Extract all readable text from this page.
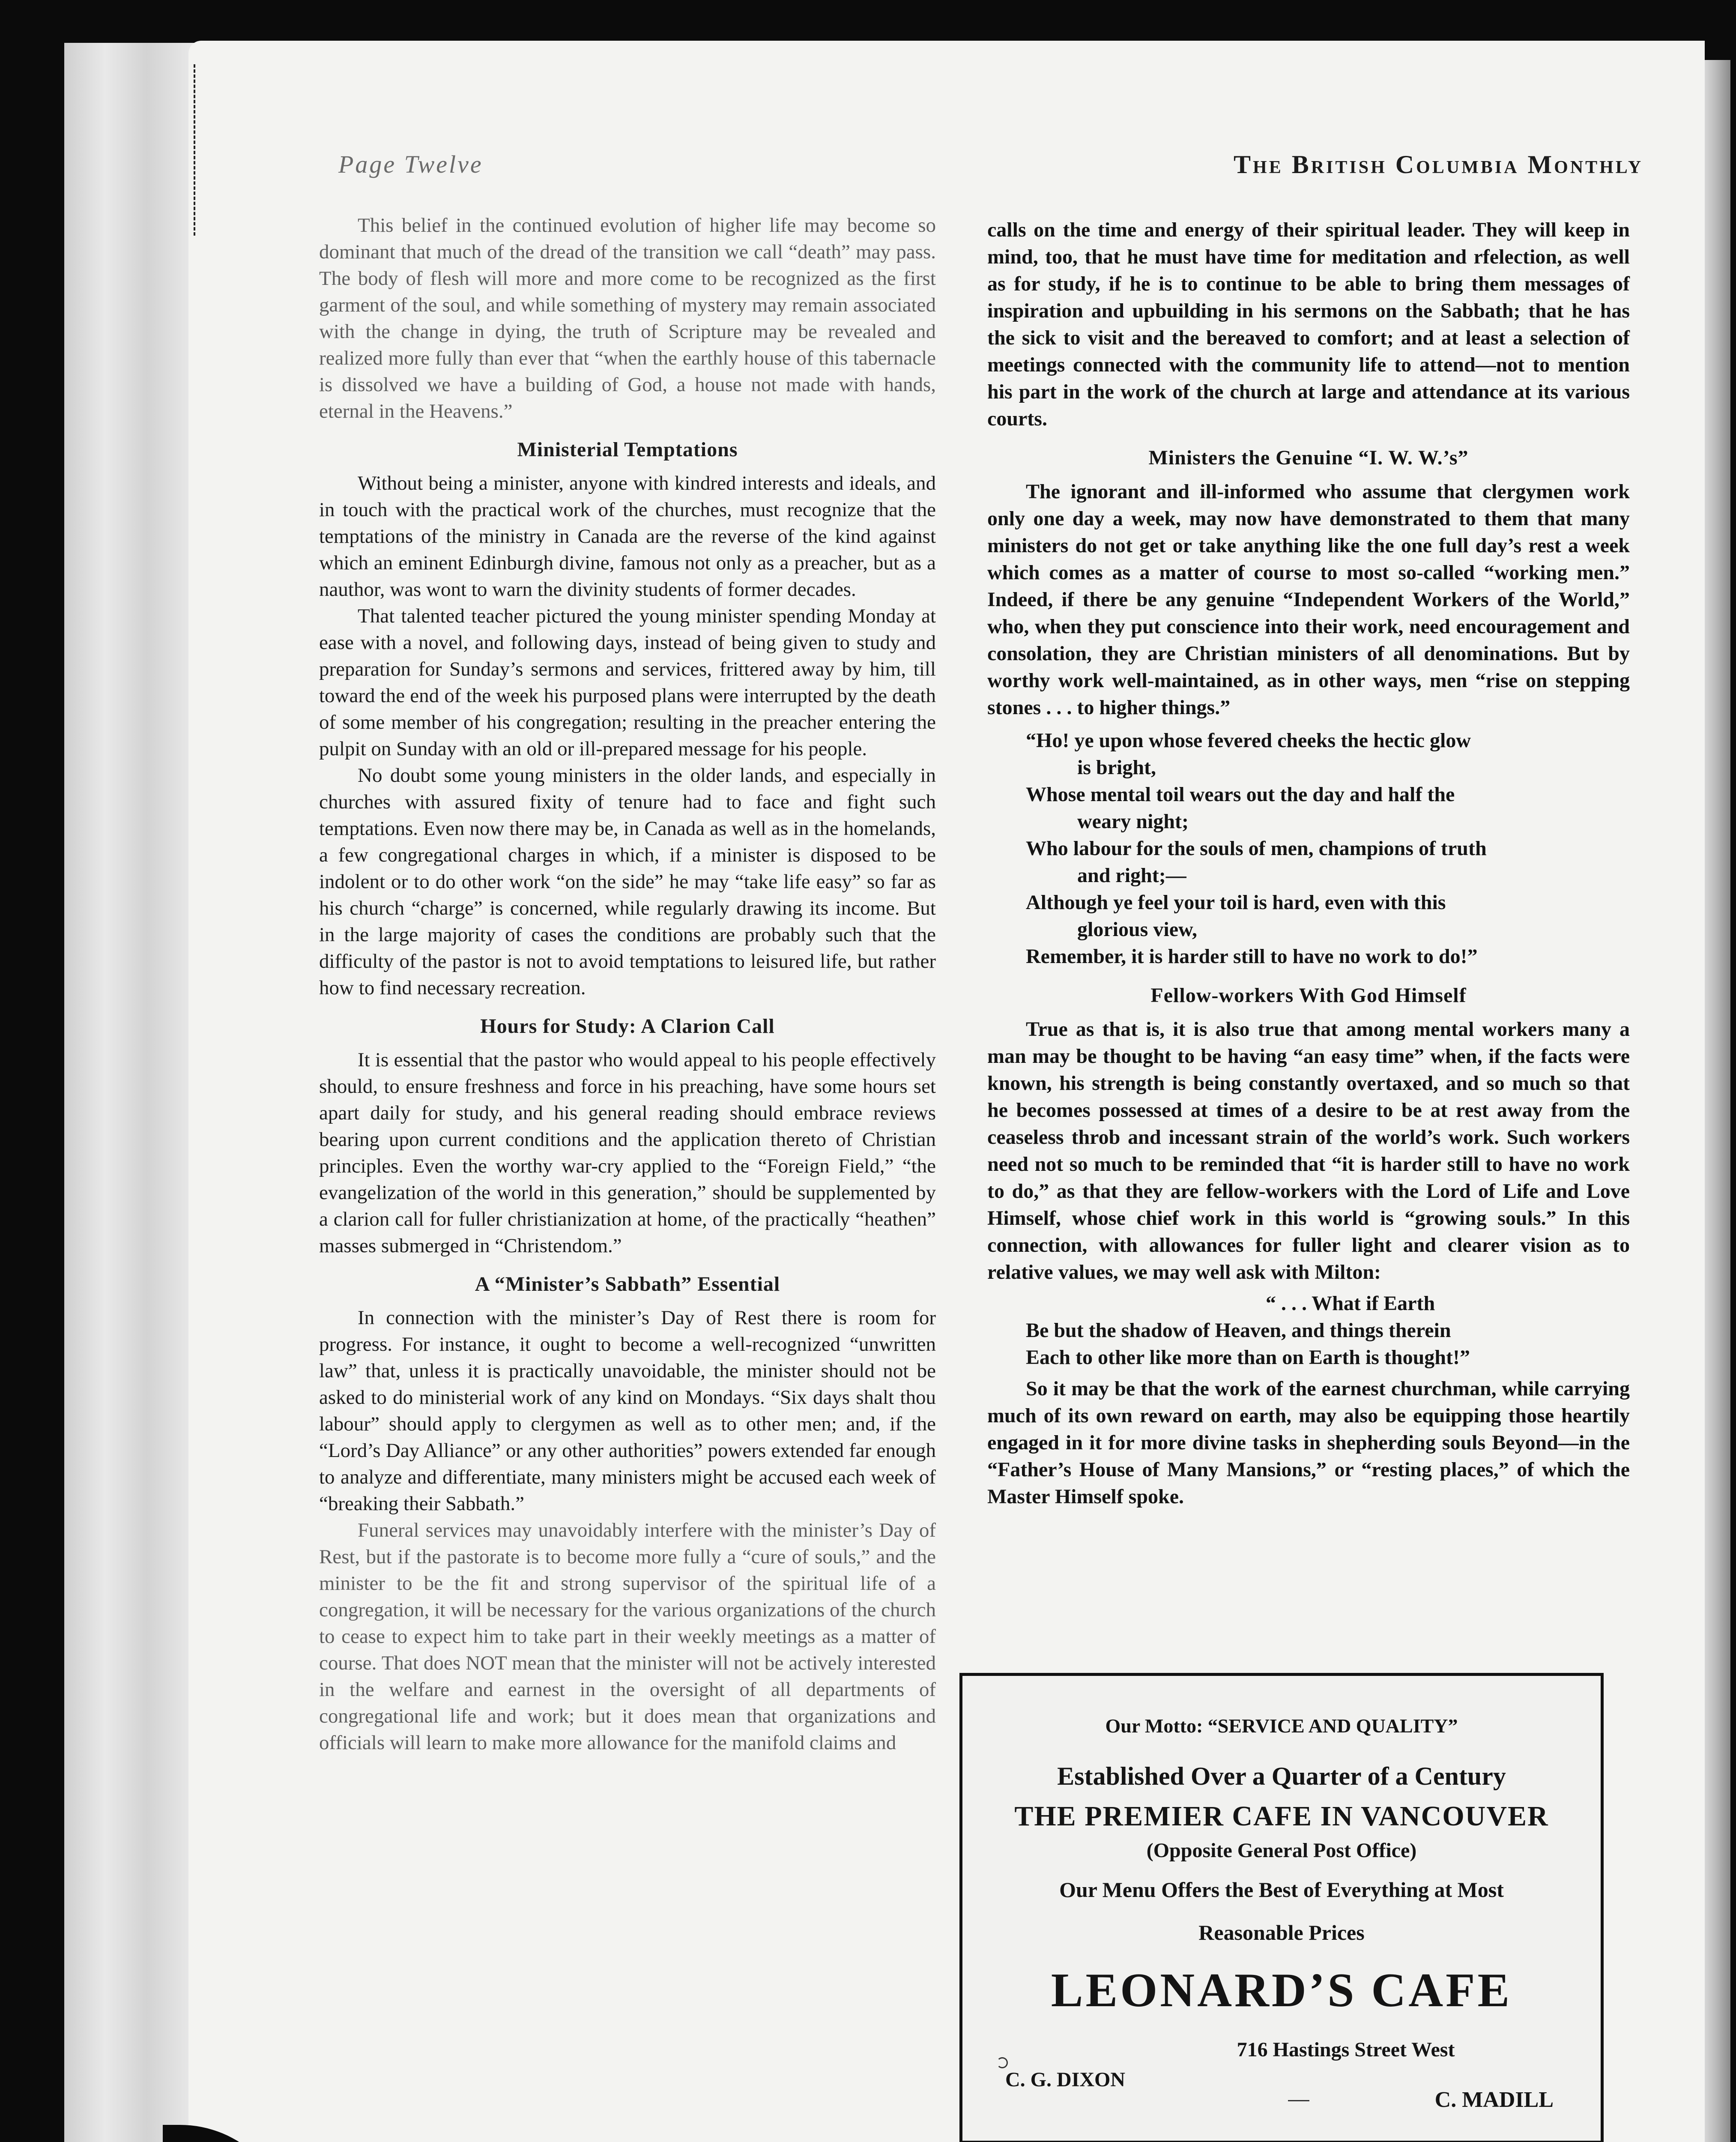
Page Twelve	The British Columbia Monthly

This belief in the continued evolution of higher life may become so dominant that much of the dread of the transition we call “death” may pass. The body of flesh will more and more come to be recognized as the first garment of the soul, and while something of mystery may remain associated with the change in dying, the truth of Scripture may be revealed and realized more fully than ever that “when the earthly house of this tabernacle is dissolved we have a building of God, a house not made with hands, eternal in the Heavens.”

Ministerial Temptations

Without being a minister, anyone with kindred interests and ideals, and in touch with the practical work of the churches, must recognize that the temptations of the ministry in Canada are the reverse of the kind against which an eminent Edinburgh divine, famous not only as a preacher, but as a nauthor, was wont to warn the divinity students of former decades.

That talented teacher pictured the young minister spending Monday at ease with a novel, and following days, instead of being given to study and preparation for Sunday’s sermons and services, frittered away by him, till toward the end of the week his purposed plans were interrupted by the death of some member of his congregation; resulting in the preacher entering the pulpit on Sunday with an old or ill-prepared message for his people.

No doubt some young ministers in the older lands, and especially in churches with assured fixity of tenure had to face and fight such temptations. Even now there may be, in Canada as well as in the homelands, a few congregational charges in which, if a minister is disposed to be indolent or to do other work “on the side” he may “take life easy” so far as his church “charge” is concerned, while regularly drawing its income. But in the large majority of cases the conditions are probably such that the difficulty of the pastor is not to avoid temptations to leisured life, but rather how to find necessary recreation.

Hours for Study: A Clarion Call

It is essential that the pastor who would appeal to his people effectively should, to ensure freshness and force in his preaching, have some hours set apart daily for study, and his general reading should embrace reviews bearing upon current conditions and the application thereto of Christian principles. Even the worthy war-cry applied to the “Foreign Field,” “the evangelization of the world in this generation,” should be supplemented by a clarion call for fuller christianization at home, of the practically “heathen” masses submerged in “Christendom.”

A “Minister’s Sabbath” Essential

In connection with the minister’s Day of Rest there is room for progress. For instance, it ought to become a well-recognized “unwritten law” that, unless it is practically unavoidable, the minister should not be asked to do ministerial work of any kind on Mondays. “Six days shalt thou labour” should apply to clergymen as well as to other men; and, if the “Lord’s Day Alliance” or any other authorities” powers extended far enough to analyze and differentiate, many ministers might be accused each week of “breaking their Sabbath.”

Funeral services may unavoidably interfere with the minister’s Day of Rest, but if the pastorate is to become more fully a “cure of souls,” and the minister to be the fit and strong supervisor of the spiritual life of a congregation, it will be necessary for the various organizations of the church to cease to expect him to take part in their weekly meetings as a matter of course. That does NOT mean that the minister will not be actively interested in the welfare and earnest in the oversight of all departments of congregational life and work; but it does mean that organizations and officials will learn to make more allowance for the manifold claims and

calls on the time and energy of their spiritual leader. They will keep in mind, too, that he must have time for meditation and rfelection, as well as for study, if he is to continue to be able to bring them messages of inspiration and upbuilding in his sermons on the Sabbath; that he has the sick to visit and the bereaved to comfort; and at least a selection of meetings connected with the community life to attend—not to mention his part in the work of the church at large and attendance at its various courts.

Ministers the Genuine “I. W. W.’s”

The ignorant and ill-informed who assume that clergymen work only one day a week, may now have demonstrated to them that many ministers do not get or take anything like the one full day’s rest a week which comes as a matter of course to most so-called “working men.” Indeed, if there be any genuine “Independent Workers of the World,” who, when they put conscience into their work, need encouragement and consolation, they are Christian ministers of all denominations. But by worthy work well-maintained, as in other ways, men “rise on stepping stones . . . to higher things.”

“Ho! ye upon whose fevered cheeks the hectic glow
is bright,
Whose mental toil wears out the day and half the
weary night;
Who labour for the souls of men, champions of truth
and right;—
Although ye feel your toil is hard, even with this
glorious view,
Remember, it is harder still to have no work to do!”
Fellow-workers With God Himself

True as that is, it is also true that among mental workers many a man may be thought to be having “an easy time” when, if the facts were known, his strength is being constantly overtaxed, and so much so that he becomes possessed at times of a desire to be at rest away from the ceaseless throb and incessant strain of the world’s work. Such workers need not so much to be reminded that “it is harder still to have no work to do,” as that they are fellow-workers with the Lord of Life and Love Himself, whose chief work in this world is “growing souls.” In this connection, with allowances for fuller light and clearer vision as to relative values, we may well ask with Milton:

“ . . . What if Earth
Be but the shadow of Heaven, and things therein
Each to other like more than on Earth is thought!”

So it may be that the work of the earnest churchman, while carrying much of its own reward on earth, may also be equipping those heartily engaged in it for more divine tasks in shepherding souls Beyond—in the “Father’s House of Many Mansions,” or “resting places,” of which the Master Himself spoke.

Our Motto: “SERVICE AND QUALITY”
Established Over a Quarter of a Century
THE PREMIER CAFE IN VANCOUVER
(Opposite General Post Office)
Our Menu Offers the Best of Everything at Most
Reasonable Prices
LEONARD’S CAFE
716 Hastings Street West
C. G. DIXON
C. MADILL
